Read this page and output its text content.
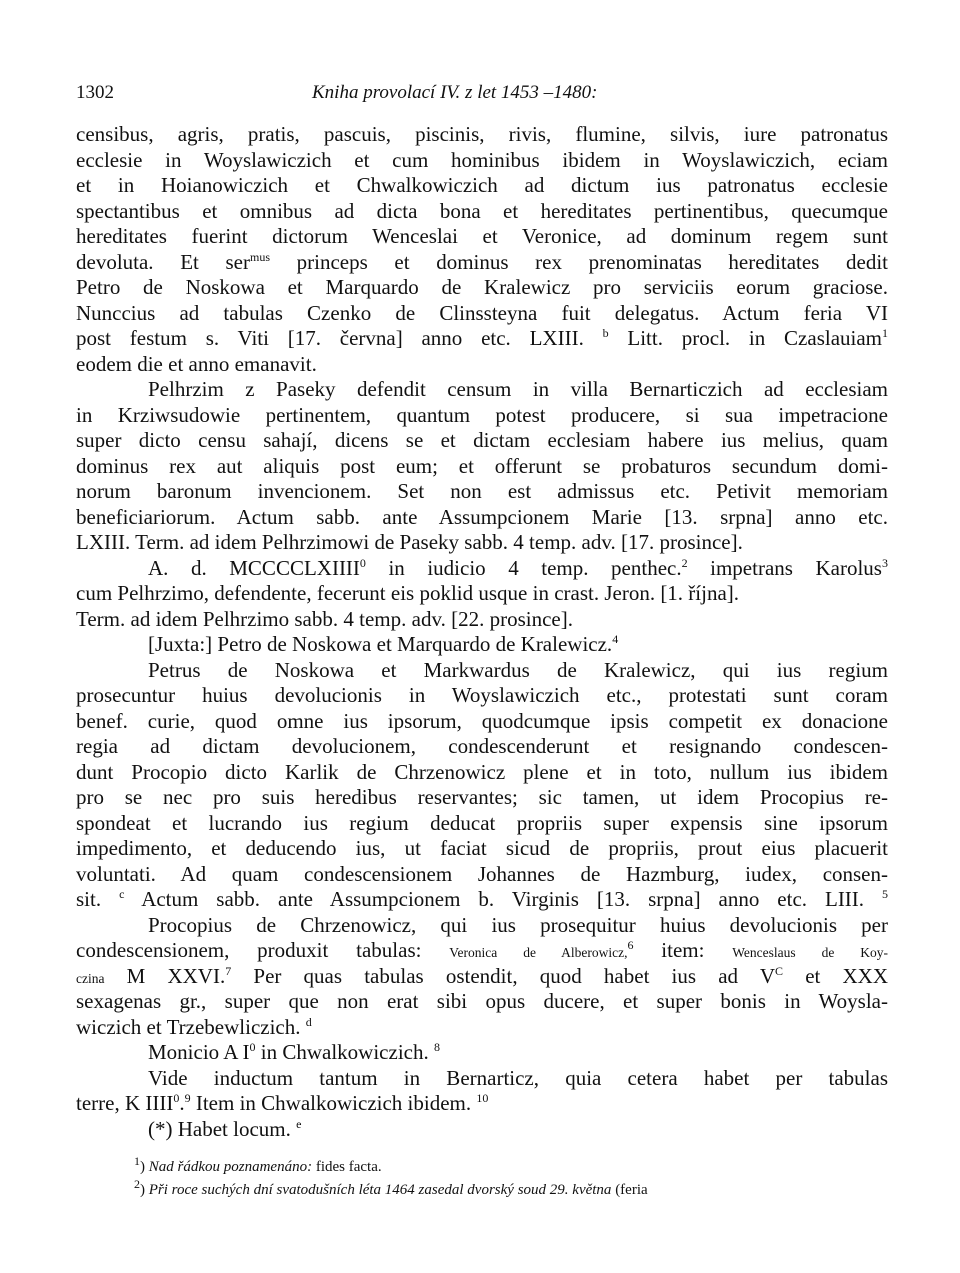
1302	Kniha provolací IV. z let 1453 –1480:
censibus, agris, pratis, pascuis, piscinis, rivis, flumine, silvis, iure patronatus
ecclesie in Woyslawiczich et cum hominibus ibidem in Woyslawiczich, eciam
et in Hoianowiczich et Chwalkowiczich ad dictum ius patronatus ecclesie
spectantibus et omnibus ad dicta bona et hereditates pertinentibus, quecumque
hereditates fuerint dictorum Wenceslai et Veronice, ad dominum regem sunt
devoluta. Et ser$^{mus}$ princeps et dominus rex prenominatas hereditates dedit
Petro de Noskowa et Marquardo de Kralewicz pro serviciis eorum graciose.
Nunccius ad tabulas Czenko de Clinssteyna fuit delegatus. Actum feria VI
post festum s. Viti [17. června] anno etc. LXIII. $^b$ Litt. procl. in Czaslauiam$^1$
eodem die et anno emanavit.
Pelhrzim z Paseky defendit censum in villa Bernarticzich ad ecclesiam
in Krziwsudowie pertinentem, quantum potest producere, si sua impetracione
super dicto censu sahají, dicens se et dictam ecclesiam habere ius melius, quam
dominus rex aut aliquis post eum; et offerunt se probaturos secundum domi-
norum baronum invencionem. Set non est admissus etc. Petivit memoriam
beneficiariorum. Actum sabb. ante Assumpcionem Marie [13. srpna] anno etc.
LXIII. Term. ad idem Pelhrzimowi de Paseky sabb. 4 temp. adv. [17. prosince].
A. d. MCCCCLXIIII$^0$ in iudicio 4 temp. penthec.$^2$ impetrans Karolus$^3$
cum Pelhrzimo, defendente, fecerunt eis poklid usque in crast. Jeron. [1. října].
Term. ad idem Pelhrzimo sabb. 4 temp. adv. [22. prosince].
[Juxta:] Petro de Noskowa et Marquardo de Kralewicz.$^4$
Petrus de Noskowa et Markwardus de Kralewicz, qui ius regium
prosecuntur huius devolucionis in Woyslawiczich etc., protestati sunt coram
benef. curie, quod omne ius ipsorum, quodcumque ipsis competit ex donacione
regia ad dictam devolucionem, condescenderunt et resignando condescen-
dunt Procopio dicto Karlik de Chrzenowicz plene et in toto, nullum ius ibidem
pro se nec pro suis heredibus reservantes; sic tamen, ut idem Procopius re-
spondeat et lucrando ius regium deducat propriis super expensis sine ipsorum
impedimento, et deducendo ius, ut faciat sicud de propriis, prout eius placuerit
voluntati. Ad quam condescensionem Johannes de Hazmburg, iudex, consen-
sit. $^c$ Actum sabb. ante Assumpcionem b. Virginis [13. srpna] anno etc. LIII. $^5$
Procopius de Chrzenowicz, qui ius prosequitur huius devolucionis per
condescensionem, produxit tabulas: Veronica de Alberowicz,$^6$ item: Wenceslaus de Koy-
czina M XXVI.$^7$ Per quas tabulas ostendit, quod habet ius ad $V^C$ et XXX
sexagenas gr., super que non erat sibi opus ducere, et super bonis in Woysla-
wiczich et Trzebewliczich. $^d$
Monicio A $I^0$ in Chwalkowiczich. $^8$
Vide inductum tantum in Bernarticz, quia cetera habet per tabulas
terre, K IIII$^0$.$^9$ Item in Chwalkowiczich ibidem. $^{10}$
(*) Habet locum. $^e$
$^1$) Nad řádkou poznamenáno: fides facta.
$^2$) Při roce suchých dní svatodušních léta 1464 zasedal dvorský soud 29. května (feria
